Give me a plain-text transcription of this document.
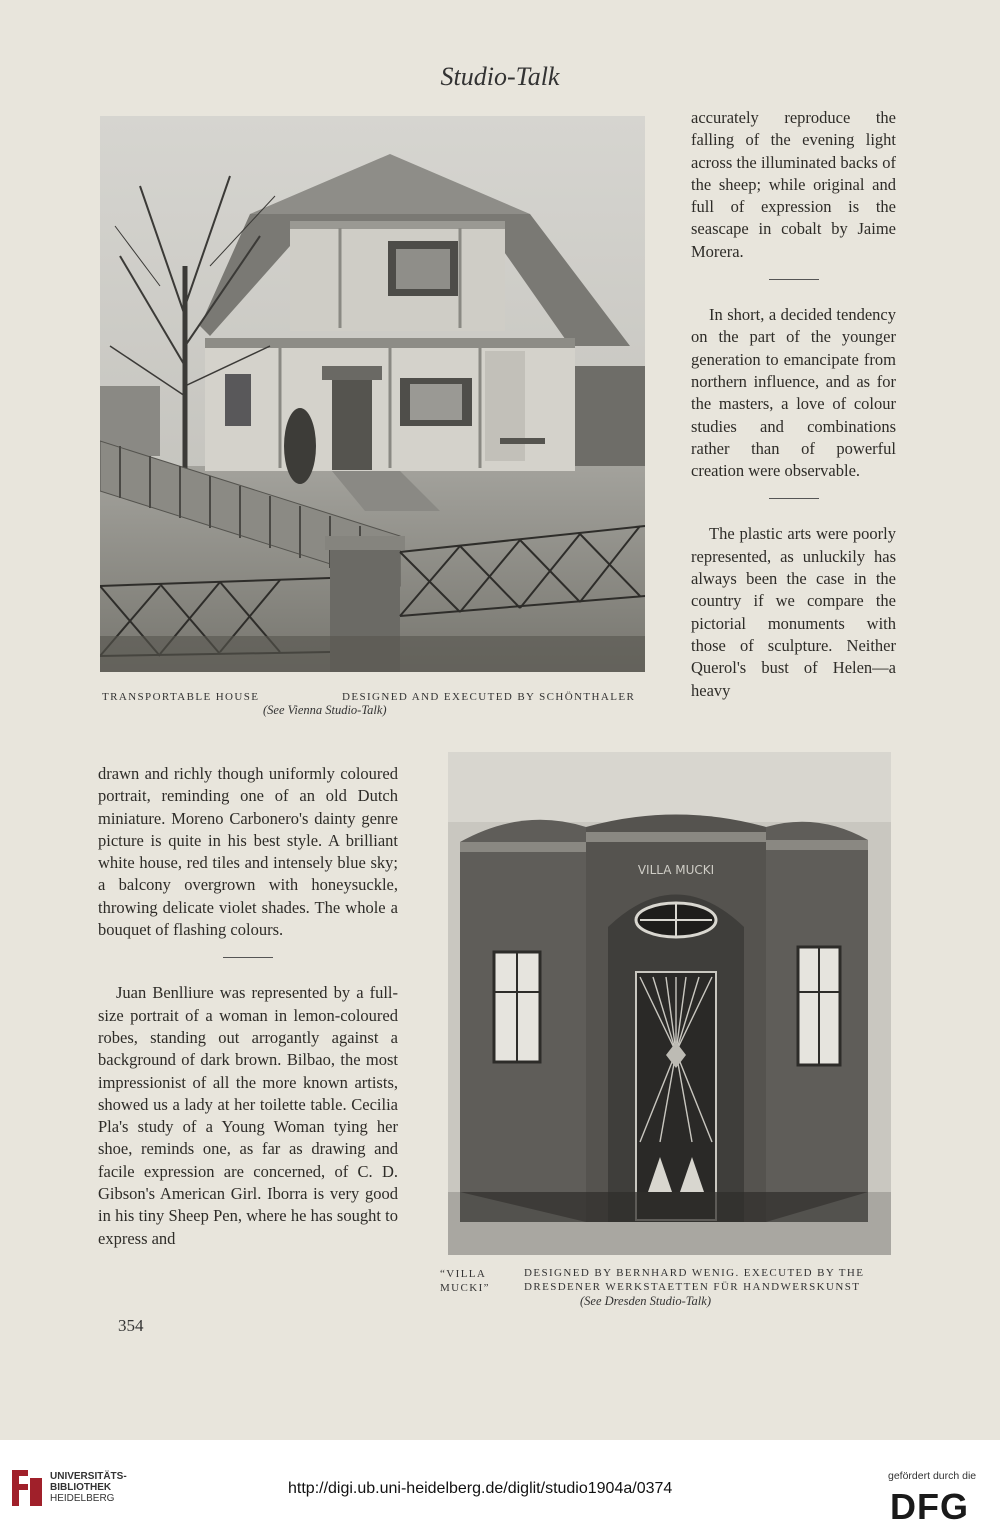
Studio-Talk
TRANSPORTABLE HOUSE	DESIGNED AND EXECUTED BY SCHÖNTHALER
(See Vienna Studio-Talk)

accurately reproduce the falling of the evening light across the illuminated backs of the sheep; while original and full of expression is the seascape in cobalt by Jaime Morera.

In short, a decided tendency on the part of the younger generation to emancipate from northern influence, and as for the masters, a love of colour studies and combinations rather than of powerful creation were observable.

The plastic arts were poorly represented, as unluckily has always been the case in the country if we compare the pictorial monuments with those of sculpture. Neither Querol's bust of Helen—a heavy

drawn and richly though uniformly coloured portrait, reminding one of an old Dutch miniature. Moreno Carbonero's dainty genre picture is quite in his best style. A brilliant white house, red tiles and intensely blue sky; a balcony overgrown with honeysuckle, throwing delicate violet shades. The whole a bouquet of flashing colours.

Juan Benlliure was represented by a full-size portrait of a woman in lemon-coloured robes, standing out arrogantly against a background of dark brown. Bilbao, the most impressionist of all the more known artists, showed us a lady at her toilette table. Cecilia Pla's study of a Young Woman tying her shoe, reminds one, as far as drawing and facile expression are concerned, of C. D. Gibson's American Girl. Iborra is very good in his tiny Sheep Pen, where he has sought to express and

VILLA MUCKI
“VILLA MUCKI”
DESIGNED BY BERNHARD WENIG. EXECUTED BY THE
DRESDENER WERKSTAETTEN FÜR HANDWERSKUNST
(See Dresden Studio-Talk)
354
UNIVERSITÄTS-
BIBLIOTHEK
HEIDELBERG
http://digi.ub.uni-heidelberg.de/diglit/studio1904a/0374
gefördert durch die
DFG
